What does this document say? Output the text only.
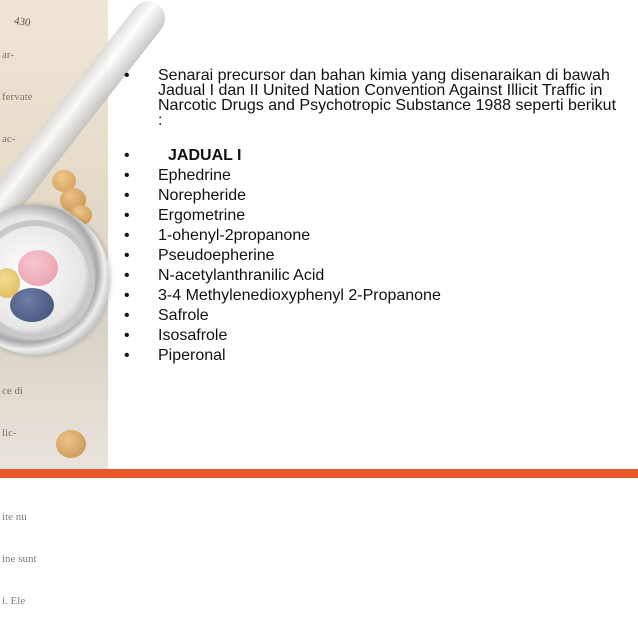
430

ar-

fervate

ac-

ce di

lic-

ite nu

ine sunt

i. Ele

.
• Senarai precursor dan bahan kimia yang disenaraikan di bawah Jadual I dan II United Nation Convention Against Illicit Traffic in Narcotic Drugs and Psychotropic Substance 1988 seperti berikut :
• JADUAL I
• Ephedrine
• Norepheride
• Ergometrine
• 1-ohenyl-2propanone
• Pseudoepherine
• N-acetylanthranilic Acid
• 3-4 Methylenedioxyphenyl 2-Propanone
• Safrole
• Isosafrole
• Piperonal
